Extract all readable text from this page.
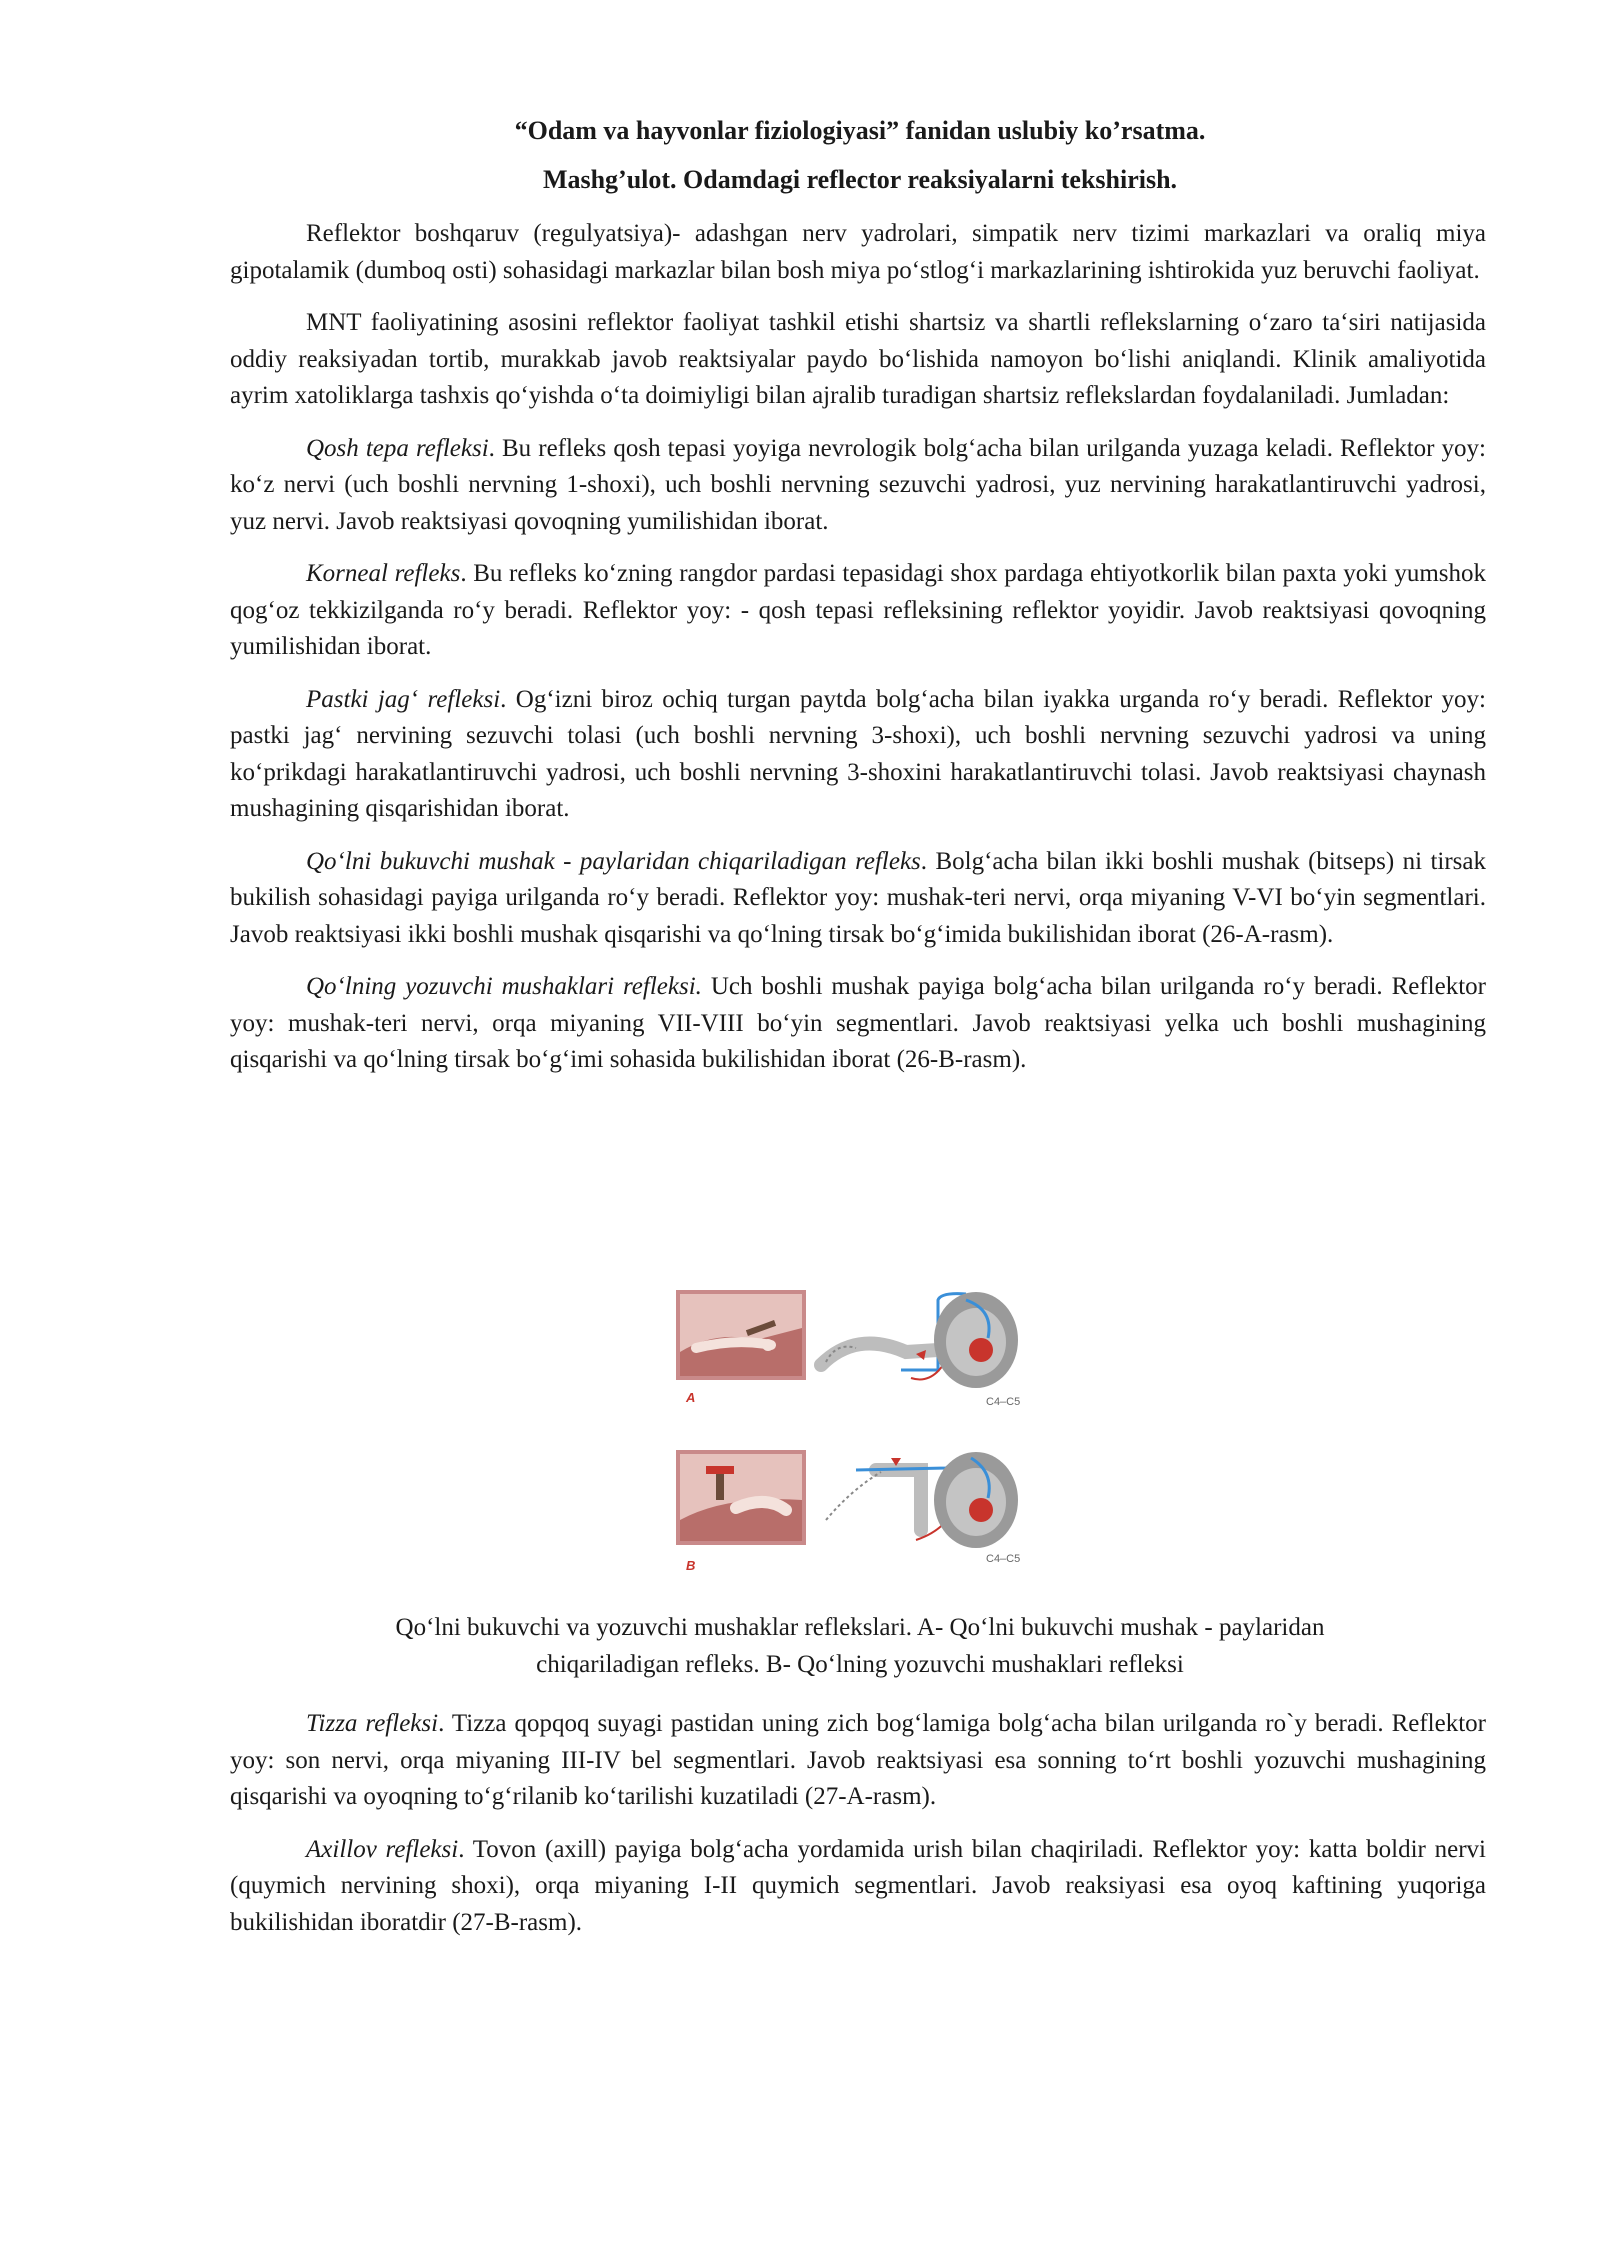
“Odam va hayvonlar fiziologiyasi” fanidan uslubiy ko’rsatma.
Mashg’ulot. Odamdagi reflector reaksiyalarni tekshirish.

Reflektor boshqaruv (regulyatsiya)- adashgan nerv yadrolari, simpatik nerv tizimi markazlari va oraliq miya gipotalamik (dumboq osti) sohasidagi markazlar bilan bosh miya po‘stlog‘i markazlarining ishtirokida yuz beruvchi faoliyat.

MNT faoliyatining asosini reflektor faoliyat tashkil etishi shartsiz va shartli reflekslarning o‘zaro ta‘siri natijasida oddiy reaksiyadan tortib, murakkab javob reaktsiyalar paydo bo‘lishida namoyon bo‘lishi aniqlandi. Klinik amaliyotida ayrim xatoliklarga tashxis qo‘yishda o‘ta doimiyligi bilan ajralib turadigan shartsiz reflekslardan foydalaniladi. Jumladan:

Qosh tepa refleksi. Bu refleks qosh tepasi yoyiga nevrologik bolg‘acha bilan urilganda yuzaga keladi. Reflektor yoy: ko‘z nervi (uch boshli nervning 1-shoxi), uch boshli nervning sezuvchi yadrosi, yuz nervining harakatlantiruvchi yadrosi, yuz nervi. Javob reaktsiyasi qovoqning yumilishidan iborat.

Korneal refleks. Bu refleks ko‘zning rangdor pardasi tepasidagi shox pardaga ehtiyotkorlik bilan paxta yoki yumshok qog‘oz tekkizilganda ro‘y beradi. Reflektor yoy: - qosh tepasi refleksining reflektor yoyidir. Javob reaktsiyasi qovoqning yumilishidan iborat.

Pastki jag‘ refleksi. Og‘izni biroz ochiq turgan paytda bolg‘acha bilan iyakka urganda ro‘y beradi. Reflektor yoy: pastki jag‘ nervining sezuvchi tolasi (uch boshli nervning 3-shoxi), uch boshli nervning sezuvchi yadrosi va uning ko‘prikdagi harakatlantiruvchi yadrosi, uch boshli nervning 3-shoxini harakatlantiruvchi tolasi. Javob reaktsiyasi chaynash mushagining qisqarishidan iborat.

Qo‘lni bukuvchi mushak - paylaridan chiqariladigan refleks. Bolg‘acha bilan ikki boshli mushak (bitseps) ni tirsak bukilish sohasidagi payiga urilganda ro‘y beradi. Reflektor yoy: mushak-teri nervi, orqa miyaning V-VI bo‘yin segmentlari. Javob reaktsiyasi ikki boshli mushak qisqarishi va qo‘lning tirsak bo‘g‘imida bukilishidan iborat (26-A-rasm).

Qo‘lning yozuvchi mushaklari refleksi. Uch boshli mushak payiga bolg‘acha bilan urilganda ro‘y beradi. Reflektor yoy: mushak-teri nervi, orqa miyaning VII-VIII bo‘yin segmentlari. Javob reaktsiyasi yelka uch boshli mushagining qisqarishi va qo‘lning tirsak bo‘g‘imi sohasida bukilishidan iborat (26-B-rasm).

A	C4–C5
B	C4–C5
Qo‘lni bukuvchi va yozuvchi mushaklar reflekslari. A- Qo‘lni bukuvchi mushak - paylaridan
chiqariladigan refleks. B- Qo‘lning yozuvchi mushaklari refleksi

Tizza refleksi. Tizza qopqoq suyagi pastidan uning zich bog‘lamiga bolg‘acha bilan urilganda ro`y beradi. Reflektor yoy: son nervi, orqa miyaning III-IV bel segmentlari. Javob reaktsiyasi esa sonning to‘rt boshli yozuvchi mushagining qisqarishi va oyoqning to‘g‘rilanib ko‘tarilishi kuzatiladi (27-A-rasm).

Axillov refleksi. Tovon (axill) payiga bolg‘acha yordamida urish bilan chaqiriladi. Reflektor yoy: katta boldir nervi (quymich nervining shoxi), orqa miyaning I-II quymich segmentlari. Javob reaksiyasi esa oyoq kaftining yuqoriga bukilishidan iboratdir (27-B-rasm).
